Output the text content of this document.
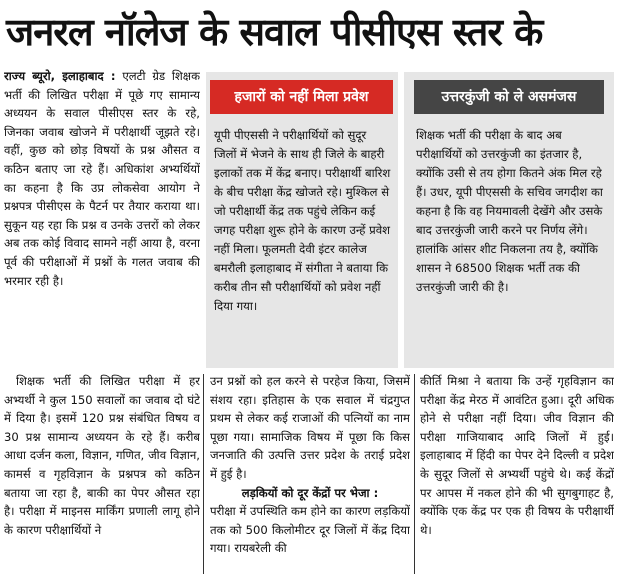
जनरल नॉलेज के सवाल पीसीएस स्तर के

राज्य ब्यूरो, इलाहाबाद : एलटी ग्रेड शिक्षक भर्ती की लिखित परीक्षा में पूछे गए सामान्य अध्ययन के सवाल पीसीएस स्तर के रहे, जिनका जवाब खोजने में परीक्षार्थी जूझते रहे। वहीं, कुछ को छोड़ विषयों के प्रश्न औसत व कठिन बताए जा रहे हैं। अधिकांश अभ्यर्थियों का कहना है कि उप्र लोकसेवा आयोग ने प्रश्नपत्र पीसीएस के पैटर्न पर तैयार कराया था। सुकून यह रहा कि प्रश्न व उनके उत्तरों को लेकर अब तक कोई विवाद सामने नहीं आया है, वरना पूर्व की परीक्षाओं में प्रश्नों के गलत जवाब की भरमार रही है।

हजारों को नहीं मिला प्रवेश
यूपी पीएससी ने परीक्षार्थियों को सुदूर जिलों में भेजने के साथ ही जिले के बाहरी इलाकों तक में केंद्र बनाए। परीक्षार्थी बारिश के बीच परीक्षा केंद्र खोजते रहे। मुश्किल से जो परीक्षार्थी केंद्र तक पहुंचे लेकिन कई जगह परीक्षा शुरू होने के कारण उन्हें प्रवेश नहीं मिला। फूलमती देवी इंटर कालेज बमरौली इलाहाबाद में संगीता ने बताया कि करीब तीन सौ परीक्षार्थियों को प्रवेश नहीं दिया गया।
उत्तरकुंजी को ले असमंजस
शिक्षक भर्ती की परीक्षा के बाद अब परीक्षार्थियों को उत्तरकुंजी का इंतजार है, क्योंकि उसी से तय होगा कितने अंक मिल रहे हैं। उधर, यूपी पीएससी के सचिव जगदीश का कहना है कि वह नियमावली देखेंगे और उसके बाद उत्तरकुंजी जारी करने पर निर्णय लेंगे। हालांकि आंसर शीट निकलना तय है, क्योंकि शासन ने 68500 शिक्षक भर्ती तक की उत्तरकुंजी जारी की है।

शिक्षक भर्ती की लिखित परीक्षा में हर अभ्यर्थी ने कुल 150 सवालों का जवाब दो घंटे में दिया है। इसमें 120 प्रश्न संबंधित विषय व 30 प्रश्न सामान्य अध्ययन के रहे हैं। करीब आधा दर्जन कला, विज्ञान, गणित, जीव विज्ञान, कामर्स व गृहविज्ञान के प्रश्नपत्र को कठिन बताया जा रहा है, बाकी का पेपर औसत रहा है। परीक्षा में माइनस मार्किंग प्रणाली लागू होने के कारण परीक्षार्थियों ने

उन प्रश्नों को हल करने से परहेज किया, जिसमें संशय रहा। इतिहास के एक सवाल में चंद्रगुप्त प्रथम से लेकर कई राजाओं की पत्नियों का नाम पूछा गया। सामाजिक विषय में पूछा कि किस जनजाति की उत्पत्ति उत्तर प्रदेश के तराई प्रदेश में हुई है।

लड़कियों को दूर केंद्रों पर भेजा :

परीक्षा में उपस्थिति कम होने का कारण लड़कियों तक को 500 किलोमीटर दूर जिलों में केंद्र दिया गया। रायबरेली की

कीर्ति मिश्रा ने बताया कि उन्हें गृहविज्ञान का परीक्षा केंद्र मेरठ में आवंटित हुआ। दूरी अधिक होने से परीक्षा नहीं दिया। जीव विज्ञान की परीक्षा गाजियाबाद आदि जिलों में हुई। इलाहाबाद में हिंदी का पेपर देने दिल्ली व प्रदेश के सुदूर जिलों से अभ्यर्थी पहुंचे थे। कई केंद्रों पर आपस में नकल होने की भी सुगबुगाहट है, क्योंकि एक केंद्र पर एक ही विषय के परीक्षार्थी थे।
